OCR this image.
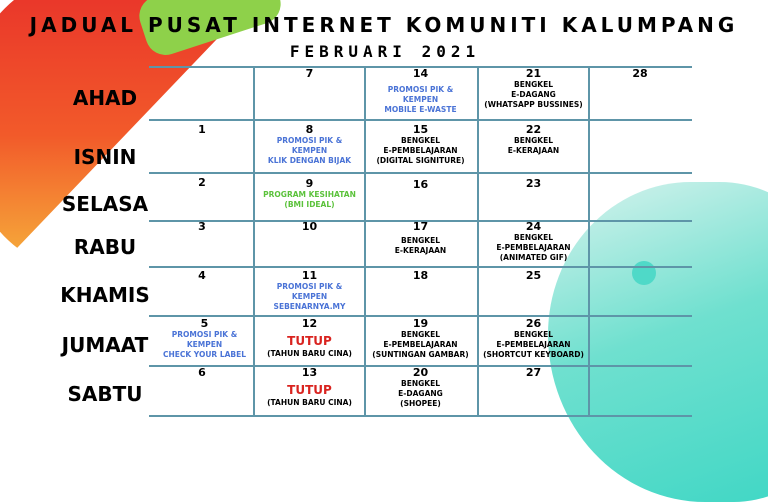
JADUAL PUSAT INTERNET KOMUNITI KALUMPANG
FEBRUARI 2021
AHAD
ISNIN
SELASA
RABU
KHAMIS
JUMAAT
SABTU
1
2
3
4
5
PROMOSI PIK &
KEMPEN
CHECK YOUR LABEL
6
7
8
PROMOSI PIK &
KEMPEN
KLIK DENGAN BIJAK
9
PROGRAM KESIHATAN
(BMI IDEAL)
10
11
PROMOSI PIK &
KEMPEN
SEBENARNYA.MY
12
TUTUP
(TAHUN BARU CINA)
13
TUTUP
(TAHUN BARU CINA)
14
PROMOSI PIK &
KEMPEN
MOBILE E-WASTE
15
BENGKEL
E-PEMBELAJARAN
(DIGITAL SIGNITURE)
16
17
BENGKEL
E-KERAJAAN
18
19
BENGKEL
E-PEMBELAJARAN
(SUNTINGAN GAMBAR)
20
BENGKEL
E-DAGANG
(SHOPEE)
21
BENGKEL
E-DAGANG
(WHATSAPP BUSSINES)
22
BENGKEL
E-KERAJAAN
23
24
BENGKEL
E-PEMBELAJARAN
(ANIMATED GIF)
25
26
BENGKEL
E-PEMBELAJARAN
(SHORTCUT KEYBOARD)
27
28
